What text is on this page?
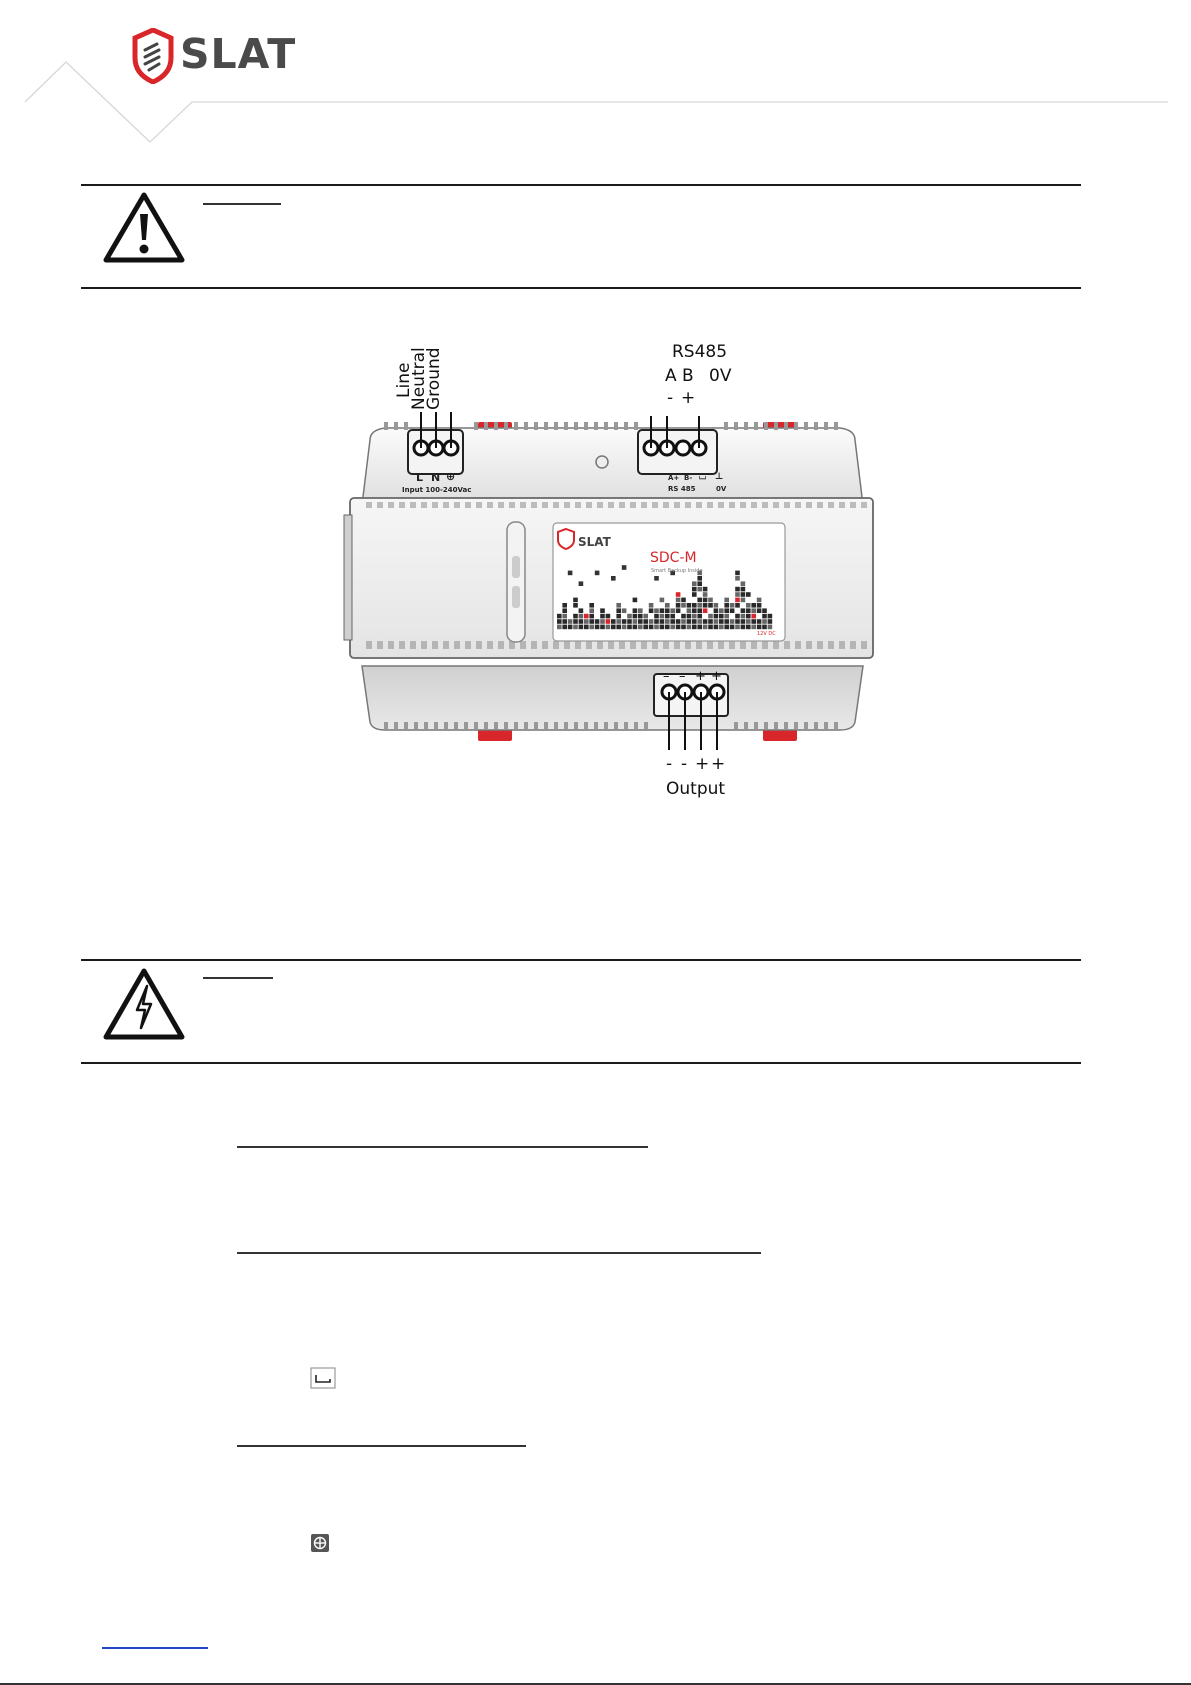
SLAT
SLAT
SDC-M
Smart Backup Inside
12V DC
Line
Neutral
Ground
L N ⊕
Input 100-240Vac
RS485
A B 0V
- +
A+ B- ⌴ ⊥
RS 485	0V
– – + +
- - + +
Output
